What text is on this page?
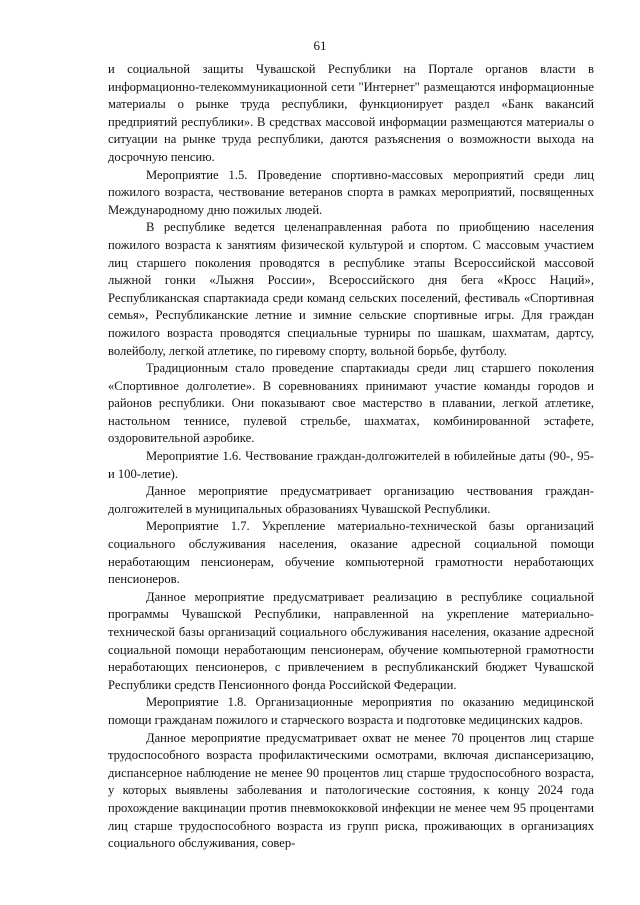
61

и социальной защиты Чувашской Республики на Портале органов власти в информационно-телекоммуникационной сети "Интернет" размещаются информационные материалы о рынке труда республики, функционирует раздел «Банк вакансий предприятий республики». В средствах массовой информации размещаются материалы о ситуации на рынке труда республики, даются разъяснения о возможности выхода на досрочную пенсию.

Мероприятие 1.5. Проведение спортивно-массовых мероприятий среди лиц пожилого возраста, чествование ветеранов спорта в рамках мероприятий, посвященных Международному дню пожилых людей.

В республике ведется целенаправленная работа по приобщению населения пожилого возраста к занятиям физической культурой и спортом. С массовым участием лиц старшего поколения проводятся в республике этапы Всероссийской массовой лыжной гонки «Лыжня России», Всероссийского дня бега «Кросс Наций», Республиканская спартакиада среди команд сельских поселений, фестиваль «Спортивная семья», Республиканские летние и зимние сельские спортивные игры. Для граждан пожилого возраста проводятся специальные турниры по шашкам, шахматам, дартсу, волейболу, легкой атлетике, по гиревому спорту, вольной борьбе, футболу.

Традиционным стало проведение спартакиады среди лиц старшего поколения «Спортивное долголетие». В соревнованиях принимают участие команды городов и районов республики. Они показывают свое мастерство в плавании, легкой атлетике, настольном теннисе, пулевой стрельбе, шахматах, комбинированной эстафете, оздоровительной аэробике.

Мероприятие 1.6. Чествование граждан-долгожителей в юбилейные даты (90-, 95- и 100-летие).

Данное мероприятие предусматривает организацию чествования граждан-долгожителей в муниципальных образованиях Чувашской Республики.

Мероприятие 1.7. Укрепление материально-технической базы организаций социального обслуживания населения, оказание адресной социальной помощи неработающим пенсионерам, обучение компьютерной грамотности неработающих пенсионеров.

Данное мероприятие предусматривает реализацию в республике социальной программы Чувашской Республики, направленной на укрепление материально-технической базы организаций социального обслуживания населения, оказание адресной социальной помощи неработающим пенсионерам, обучение компьютерной грамотности неработающих пенсионеров, с привлечением в республиканский бюджет Чувашской Республики средств Пенсионного фонда Российской Федерации.

Мероприятие 1.8. Организационные мероприятия по оказанию медицинской помощи гражданам пожилого и старческого возраста и подготовке медицинских кадров.

Данное мероприятие предусматривает охват не менее 70 процентов лиц старше трудоспособного возраста профилактическими осмотрами, включая диспансеризацию, диспансерное наблюдение не менее 90 процентов лиц старше трудоспособного возраста, у которых выявлены заболевания и патологические состояния, к концу 2024 года прохождение вакцинации против пневмококковой инфекции не менее чем 95 процентами лиц старше трудоспособного возраста из групп риска, проживающих в организациях социального обслуживания, совер-
